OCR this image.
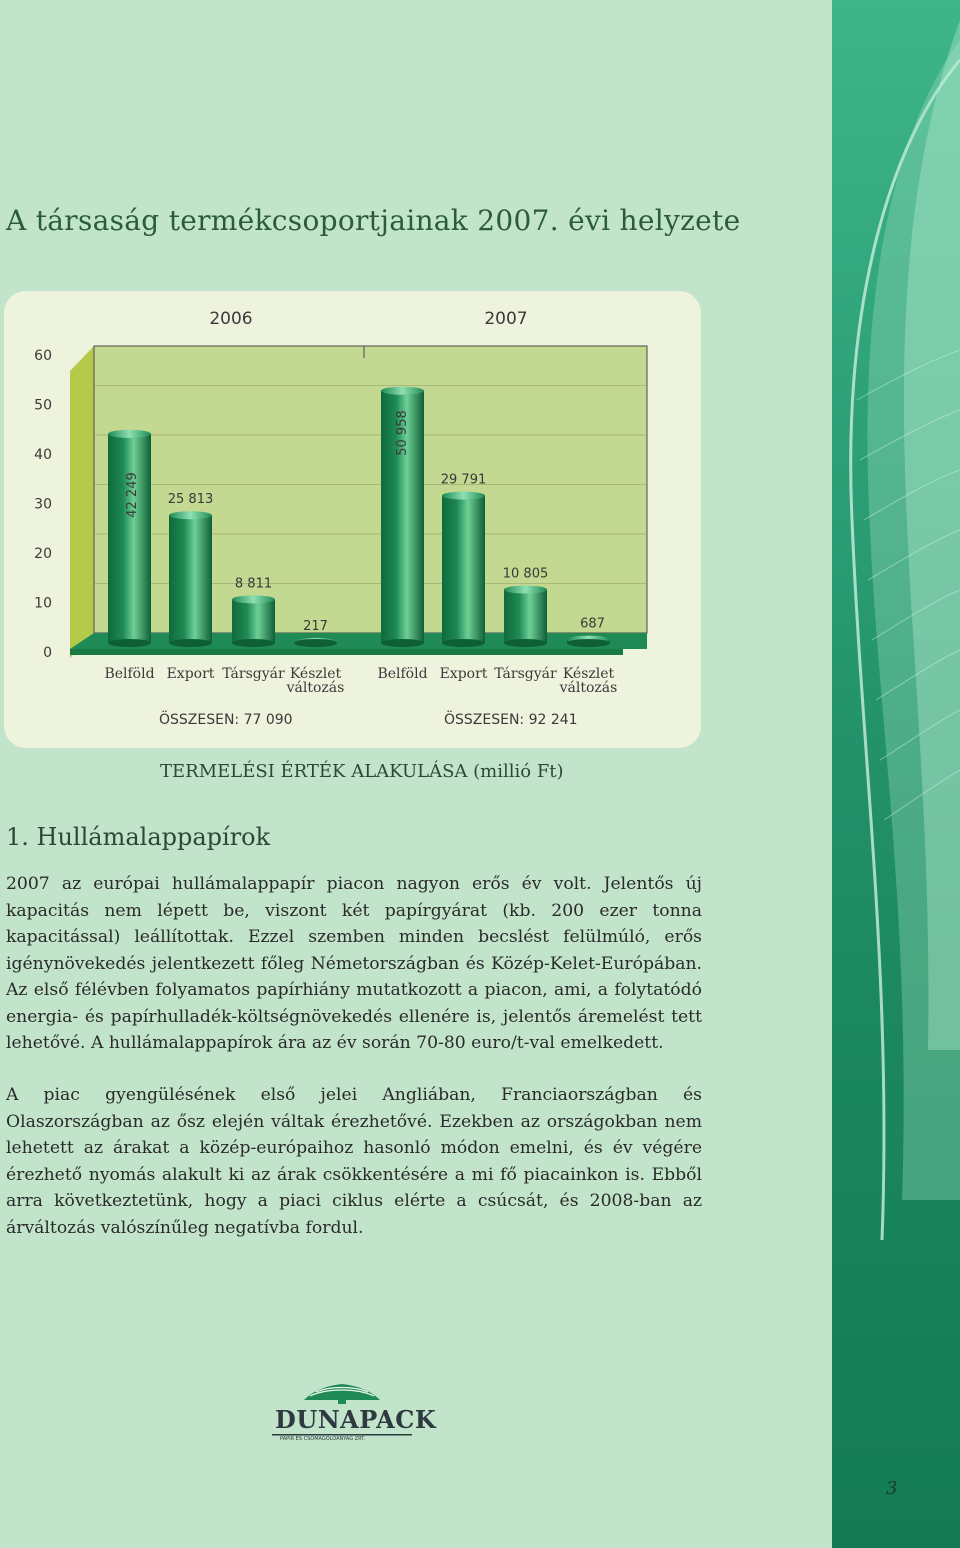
A társaság termékcsoportjainak 2007. évi helyzete
0
10
20
30
40
50
60
2006	2007
42 249
Belföld
25 813
Export
8 811
Társgyár
217
Készlet
változás
ÖSSZESEN: 77 090
50 958
Belföld
29 791
Export
10 805
Társgyár
687
Készlet
változás
ÖSSZESEN: 92 241
TERMELÉSI ÉRTÉK ALAKULÁSA (millió Ft)
1. Hullámalappapírok

2007 az európai hullámalappapír piacon nagyon erős év volt. Jelentős új kapacitás nem lépett be, viszont két papírgyárat (kb. 200 ezer tonna kapacitással) leállítottak. Ezzel szemben minden becslést felülmúló, erős igénynövekedés jelentkezett főleg Németországban és Közép-Kelet-Európában. Az első félévben folyamatos papírhiány mutatkozott a piacon, ami, a folytatódó energia- és papírhulladék-költségnövekedés ellenére is, jelentős áremelést tett lehetővé. A hullámalappapírok ára az év során 70-80 euro/t-val emelkedett.

A piac gyengülésének első jelei Angliában, Franciaországban és Olaszországban az ősz elején váltak érezhetővé. Ezekben az országokban nem lehetett az árakat a közép-európaihoz hasonló módon emelni, és év végére érezhető nyomás alakult ki az árak csökkentésére a mi fő piacainkon is. Ebből arra következtetünk, hogy a piaci ciklus elérte a csúcsát, és 2008-ban az árváltozás valószínűleg negatívba fordul.

DUNAPACK
PAPÍR ÉS CSOMAGOLÓANYAG ZRT.
3
